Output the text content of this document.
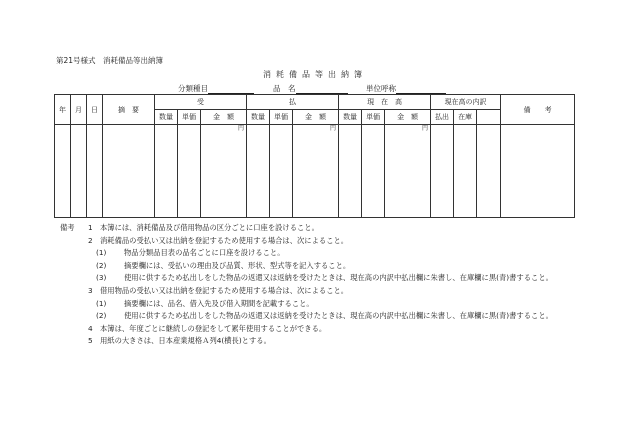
第21号様式　消耗備品等出納簿
消耗備品等出納簿
分類種目	品　名	単位呼称
年	月	日	摘　要	受			払			現　在　高			現在高の内訳			備　　考
				数量	単価	金　額	数量	単価	金　額	数量	単価	金　額	払出	在庫		
						円			円			円				

備考 1 本簿には、消耗備品及び借用物品の区分ごとに口座を設けること。
2 消耗備品の受払い又は出納を登記するため使用する場合は、次によること。
(1) 物品分類品目表の品名ごとに口座を設けること。
(2) 摘要欄には、受払いの理由及び品質、形状、型式等を記入すること。
(3) 使用に供するため払出しをした物品の返還又は返納を受けたときは、現在高の内訳中払出欄に朱書し、在庫欄に黒(青)書すること。
3 借用物品の受払い又は出納を登記するため使用する場合は、次によること。
(1) 摘要欄には、品名、借入先及び借入期間を記載すること。
(2) 使用に供するため払出しをした物品の返還又は返納を受けたときは、現在高の内訳中払出欄に朱書し、在庫欄に黒(青)書すること。
4 本簿は、年度ごとに継続しの登記をして累年使用することができる。
5 用紙の大きさは、日本産業規格Ａ列4(横長)とする。
